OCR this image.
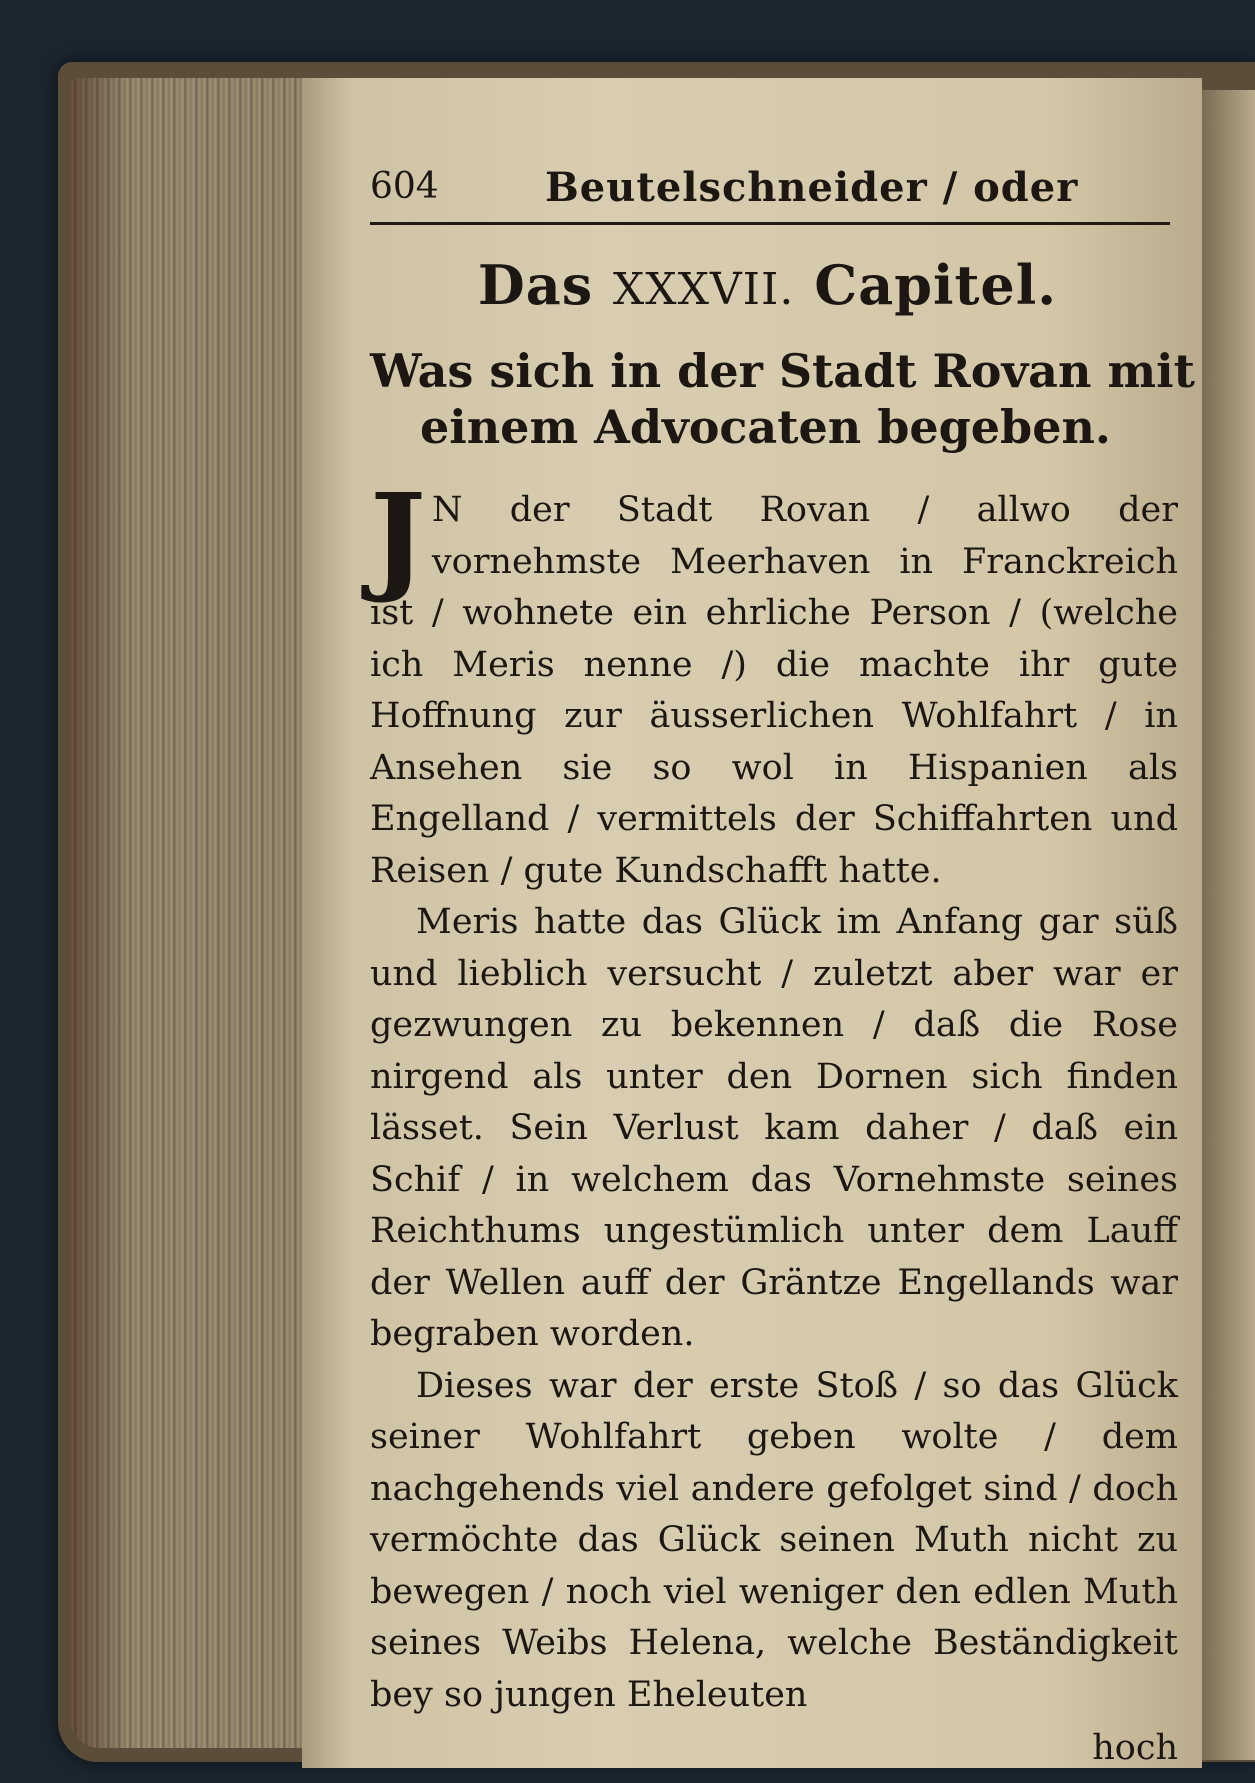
604	Beutelschneider / oder
Das XXXVII. Capitel.
Was sich in der Stadt Rovan mit einem Advocaten begeben.

J N der Stadt Rovan / allwo der vornehmste Meerhaven in Franckreich ist / wohnete ein ehrliche Person / (welche ich Meris nenne /) die machte ihr gute Hoffnung zur äusserlichen Wohlfahrt / in Ansehen sie so wol in Hispanien als Engelland / vermittels der Schiffahrten und Reisen / gute Kundschafft hatte.

Meris hatte das Glück im Anfang gar süß und lieblich versucht / zuletzt aber war er gezwungen zu bekennen / daß die Rose nirgend als unter den Dornen sich finden lässet. Sein Verlust kam daher / daß ein Schif / in welchem das Vornehmste seines Reichthums ungestümlich unter dem Lauff der Wellen auff der Gräntze Engellands war begraben worden.

Dieses war der erste Stoß / so das Glück seiner Wohlfahrt geben wolte / dem nachgehends viel andere gefolget sind / doch vermöchte das Glück seinen Muth nicht zu bewegen / noch viel weniger den edlen Muth seines Weibs Helena, welche Beständigkeit bey so jungen Eheleuten

hoch
